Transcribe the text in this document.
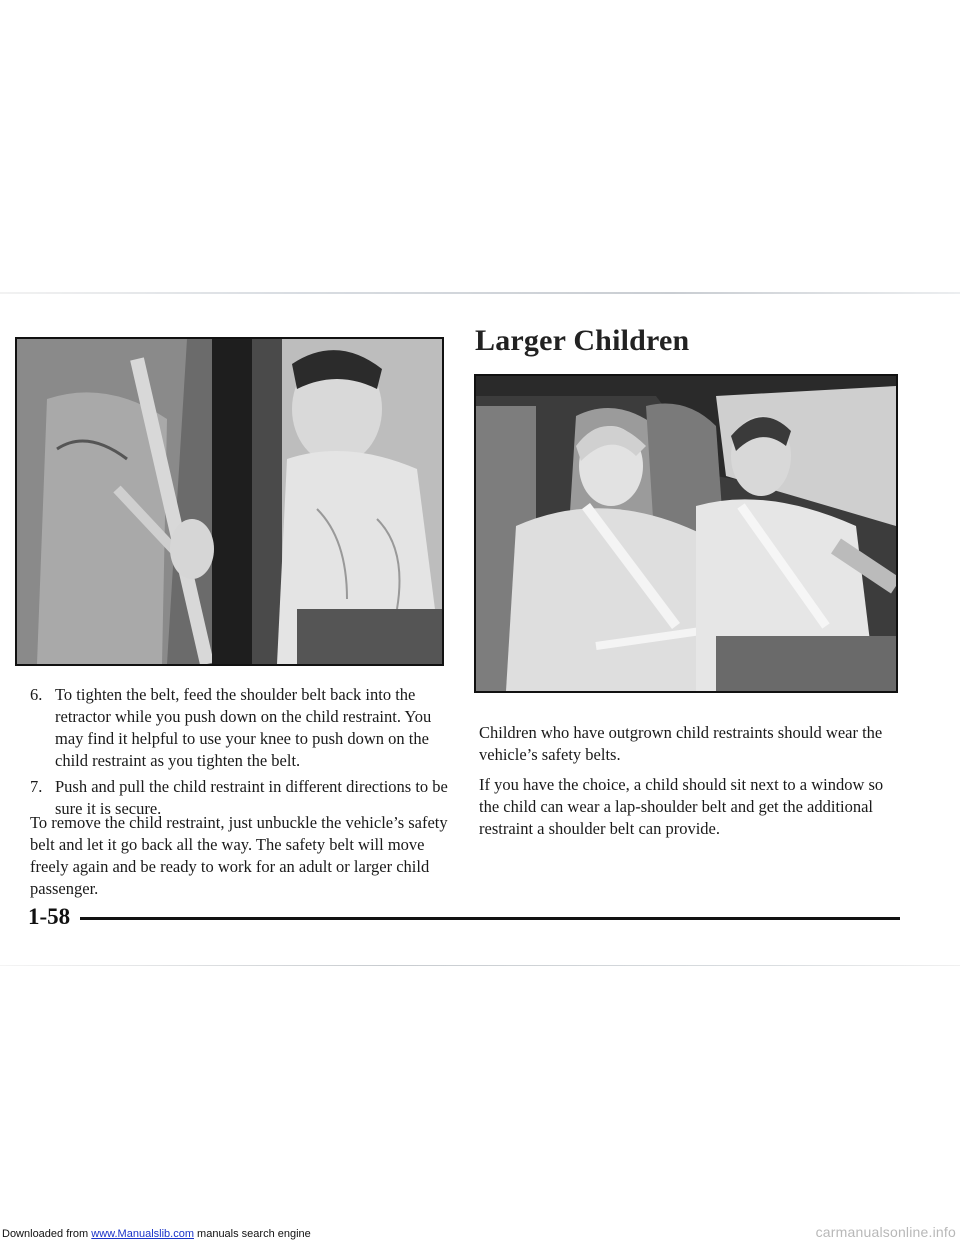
Larger Children
6. To tighten the belt, feed the shoulder belt back into the retractor while you push down on the child restraint. You may find it helpful to use your knee to push down on the child restraint as you tighten the belt.
7. Push and pull the child restraint in different directions to be sure it is secure.

To remove the child restraint, just unbuckle the vehicle’s safety belt and let it go back all the way. The safety belt will move freely again and be ready to work for an adult or larger child passenger.

Children who have outgrown child restraints should wear the vehicle’s safety belts.

If you have the choice, a child should sit next to a window so the child can wear a lap-shoulder belt and get the additional restraint a shoulder belt can provide.

1-58
Downloaded from www.Manualslib.com manuals search engine	carmanualsonline.info
